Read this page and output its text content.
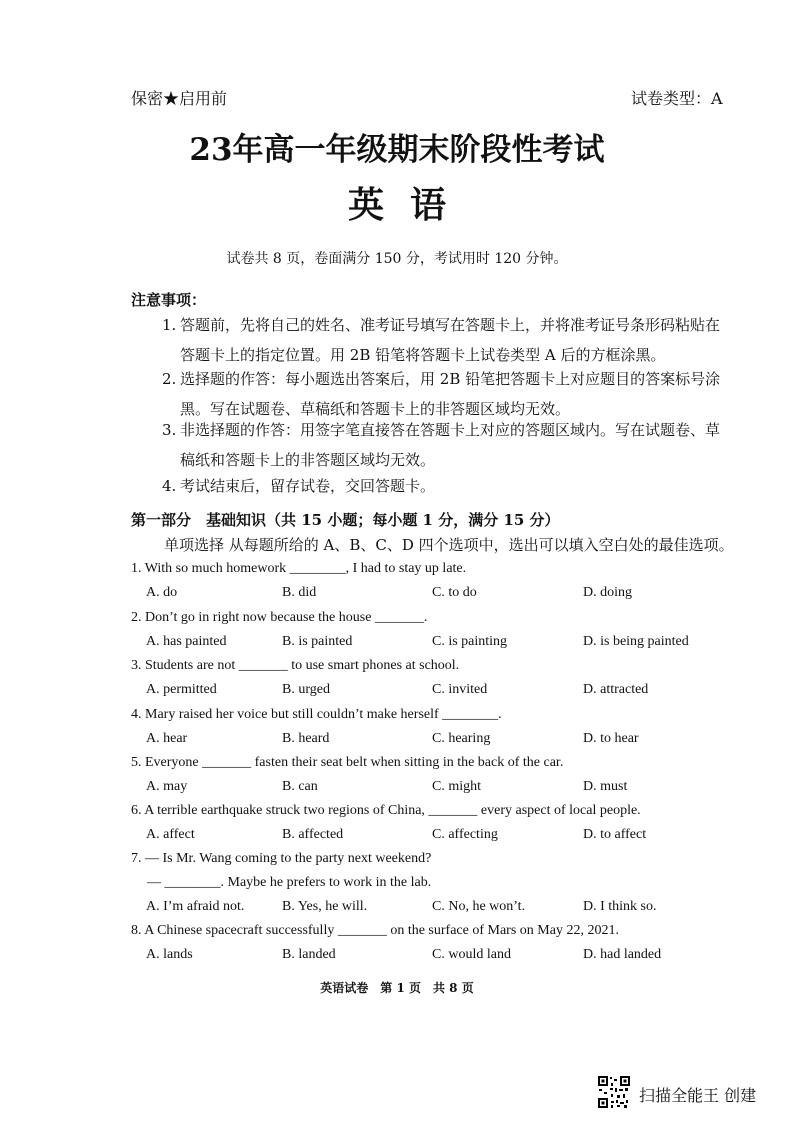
保密★启用前	试卷类型：A
23年高一年级期末阶段性考试
英语
试卷共 8 页，卷面满分 150 分，考试用时 120 分钟。
注意事项：
1. 答题前，先将自己的姓名、准考证号填写在答题卡上，并将准考证号条形码粘贴在
答题卡上的指定位置。用 2B 铅笔将答题卡上试卷类型 A 后的方框涂黑。
2. 选择题的作答：每小题选出答案后，用 2B 铅笔把答题卡上对应题目的答案标号涂
黑。写在试题卷、草稿纸和答题卡上的非答题区域均无效。
3. 非选择题的作答：用签字笔直接答在答题卡上对应的答题区域内。写在试题卷、草
稿纸和答题卡上的非答题区域均无效。
4. 考试结束后，留存试卷，交回答题卡。
第一部分　基础知识（共 15 小题；每小题 1 分，满分 15 分）
单项选择 从每题所给的 A、B、C、D 四个选项中，选出可以填入空白处的最佳选项。
1. With so much homework ________, I had to stay up late.
A. do	B. did	C. to do	D. doing
2. Don’t go in right now because the house _______.
A. has painted	B. is painted	C. is painting	D. is being painted
3. Students are not _______ to use smart phones at school.
A. permitted	B. urged	C. invited	D. attracted
4. Mary raised her voice but still couldn’t make herself ________.
A. hear	B. heard	C. hearing	D. to hear
5. Everyone _______ fasten their seat belt when sitting in the back of the car.
A. may	B. can	C. might	D. must
6. A terrible earthquake struck two regions of China, _______ every aspect of local people.
A. affect	B. affected	C. affecting	D. to affect
7. — Is Mr. Wang coming to the party next weekend?
— ________. Maybe he prefers to work in the lab.
A. I’m afraid not.	B. Yes, he will.	C. No, he won’t.	D. I think so.
8. A Chinese spacecraft successfully _______ on the surface of Mars on May 22, 2021.
A. lands	B. landed	C. would land	D. had landed
英语试卷　第 1 页　共 8 页
扫描全能王 创建
